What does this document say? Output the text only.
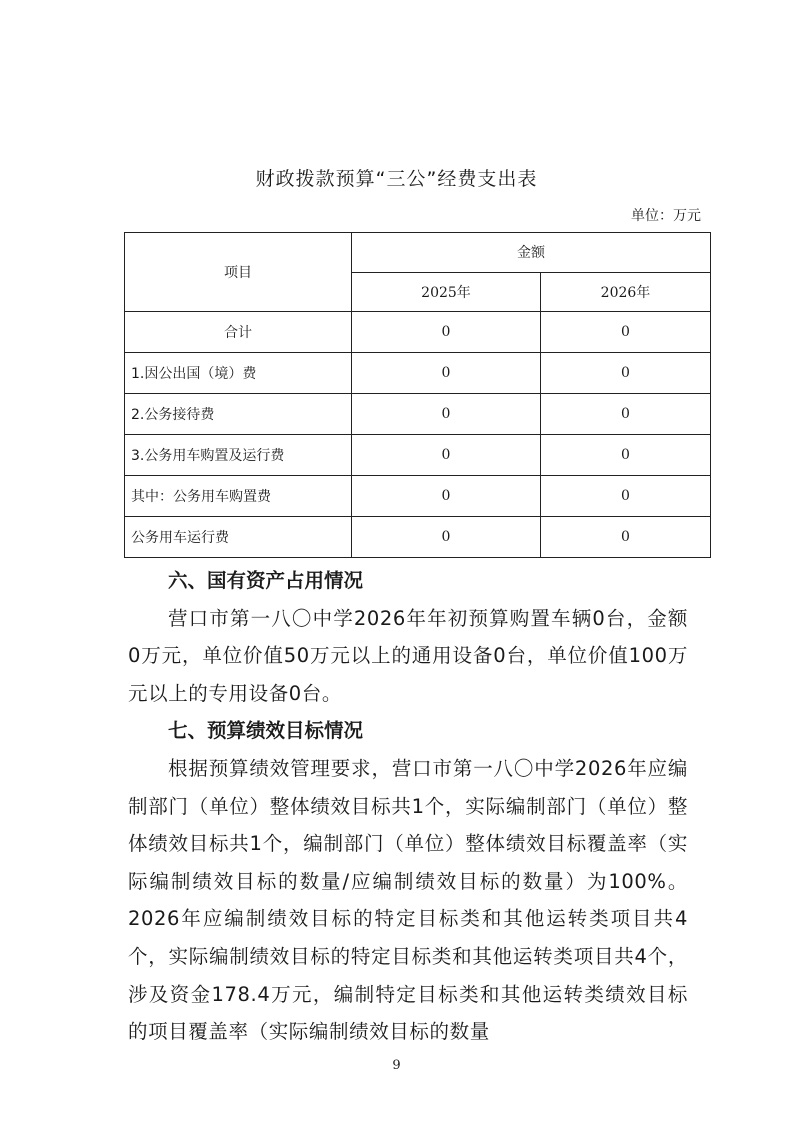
财政拨款预算“三公”经费支出表
单位：万元
项目	金额	
	2025年	2026年
合计	0	0
1.因公出国（境）费	0	0
2.公务接待费	0	0
3.公务用车购置及运行费	0	0
其中：公务用车购置费	0	0
公务用车运行费	0	0

六、国有资产占用情况

营口市第一八〇中学2026年年初预算购置车辆0台，金额0万元，单位价值50万元以上的通用设备0台，单位价值100万元以上的专用设备0台。

七、预算绩效目标情况

根据预算绩效管理要求，营口市第一八〇中学2026年应编制部门（单位）整体绩效目标共1个，实际编制部门（单位）整体绩效目标共1个，编制部门（单位）整体绩效目标覆盖率（实际编制绩效目标的数量/应编制绩效目标的数量）为100%。2026年应编制绩效目标的特定目标类和其他运转类项目共4个，实际编制绩效目标的特定目标类和其他运转类项目共4个，涉及资金178.4万元，编制特定目标类和其他运转类绩效目标的项目覆盖率（实际编制绩效目标的数量

9
